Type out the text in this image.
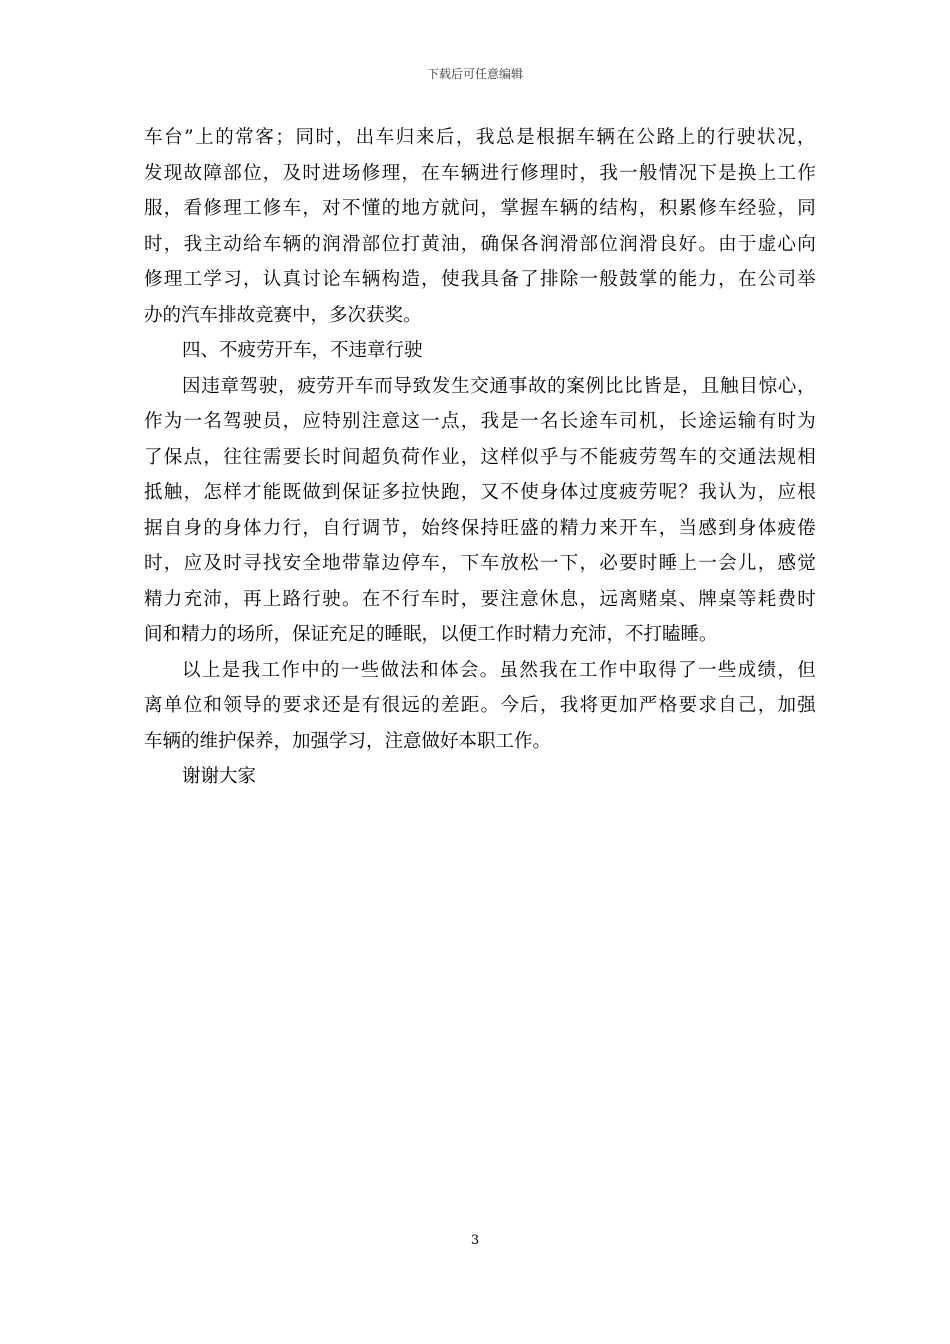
下载后可任意编辑
车 台 ” 上 的 常 客 ； 同 时 ， 出 车 归 来 后 ， 我 总 是 根 据 车 辆 在 公 路 上 的 行 驶 状 况 ，
发 现 故 障 部 位 ， 及 时 进 场 修 理 ， 在 车 辆 进 行 修 理 时 ， 我 一 般 情 况 下 是 换 上 工 作
服 ， 看 修 理 工 修 车 ， 对 不 懂 的 地 方 就 问 ， 掌 握 车 辆 的 结 构 ， 积 累 修 车 经 验 ， 同
时 ， 我 主 动 给 车 辆 的 润 滑 部 位 打 黄 油 ， 确 保 各 润 滑 部 位 润 滑 良 好 。 由 于 虚 心 向
修 理 工 学 习 ， 认 真 讨 论 车 辆 构 造 ， 使 我 具 备 了 排 除 一 般 鼓 掌 的 能 力 ， 在 公 司 举
办的汽车排故竞赛中，多次获奖。
四、不疲劳开车，不违章行驶
因 违 章 驾 驶 ， 疲 劳 开 车 而 导 致 发 生 交 通 事 故 的 案 例 比 比 皆 是 ， 且 触 目 惊 心 ，
作 为 一 名 驾 驶 员 ， 应 特 别 注 意 这 一 点 ， 我 是 一 名 长 途 车 司 机 ， 长 途 运 输 有 时 为
了 保 点 ， 往 往 需 要 长 时 间 超 负 荷 作 业 ， 这 样 似 乎 与 不 能 疲 劳 驾 车 的 交 通 法 规 相
抵 触 ， 怎 样 才 能 既 做 到 保 证 多 拉 快 跑 ， 又 不 使 身 体 过 度 疲 劳 呢 ？ 我 认 为 ， 应 根
据 自 身 的 身 体 力 行 ， 自 行 调 节 ， 始 终 保 持 旺 盛 的 精 力 来 开 车 ， 当 感 到 身 体 疲 倦
时 ， 应 及 时 寻 找 安 全 地 带 靠 边 停 车 ， 下 车 放 松 一 下 ， 必 要 时 睡 上 一 会 儿 ， 感 觉
精 力 充 沛 ， 再 上 路 行 驶 。 在 不 行 车 时 ， 要 注 意 休 息 ， 远 离 赌 桌 、 牌 桌 等 耗 费 时
间和精力的场所，保证充足的睡眠，以便工作时精力充沛，不打瞌睡。
以 上 是 我 工 作 中 的 一 些 做 法 和 体 会 。 虽 然 我 在 工 作 中 取 得 了 一 些 成 绩 ， 但
离 单 位 和 领 导 的 要 求 还 是 有 很 远 的 差 距 。 今 后 ， 我 将 更 加 严 格 要 求 自 己 ， 加 强
车辆的维护保养，加强学习，注意做好本职工作。
谢谢大家
3
